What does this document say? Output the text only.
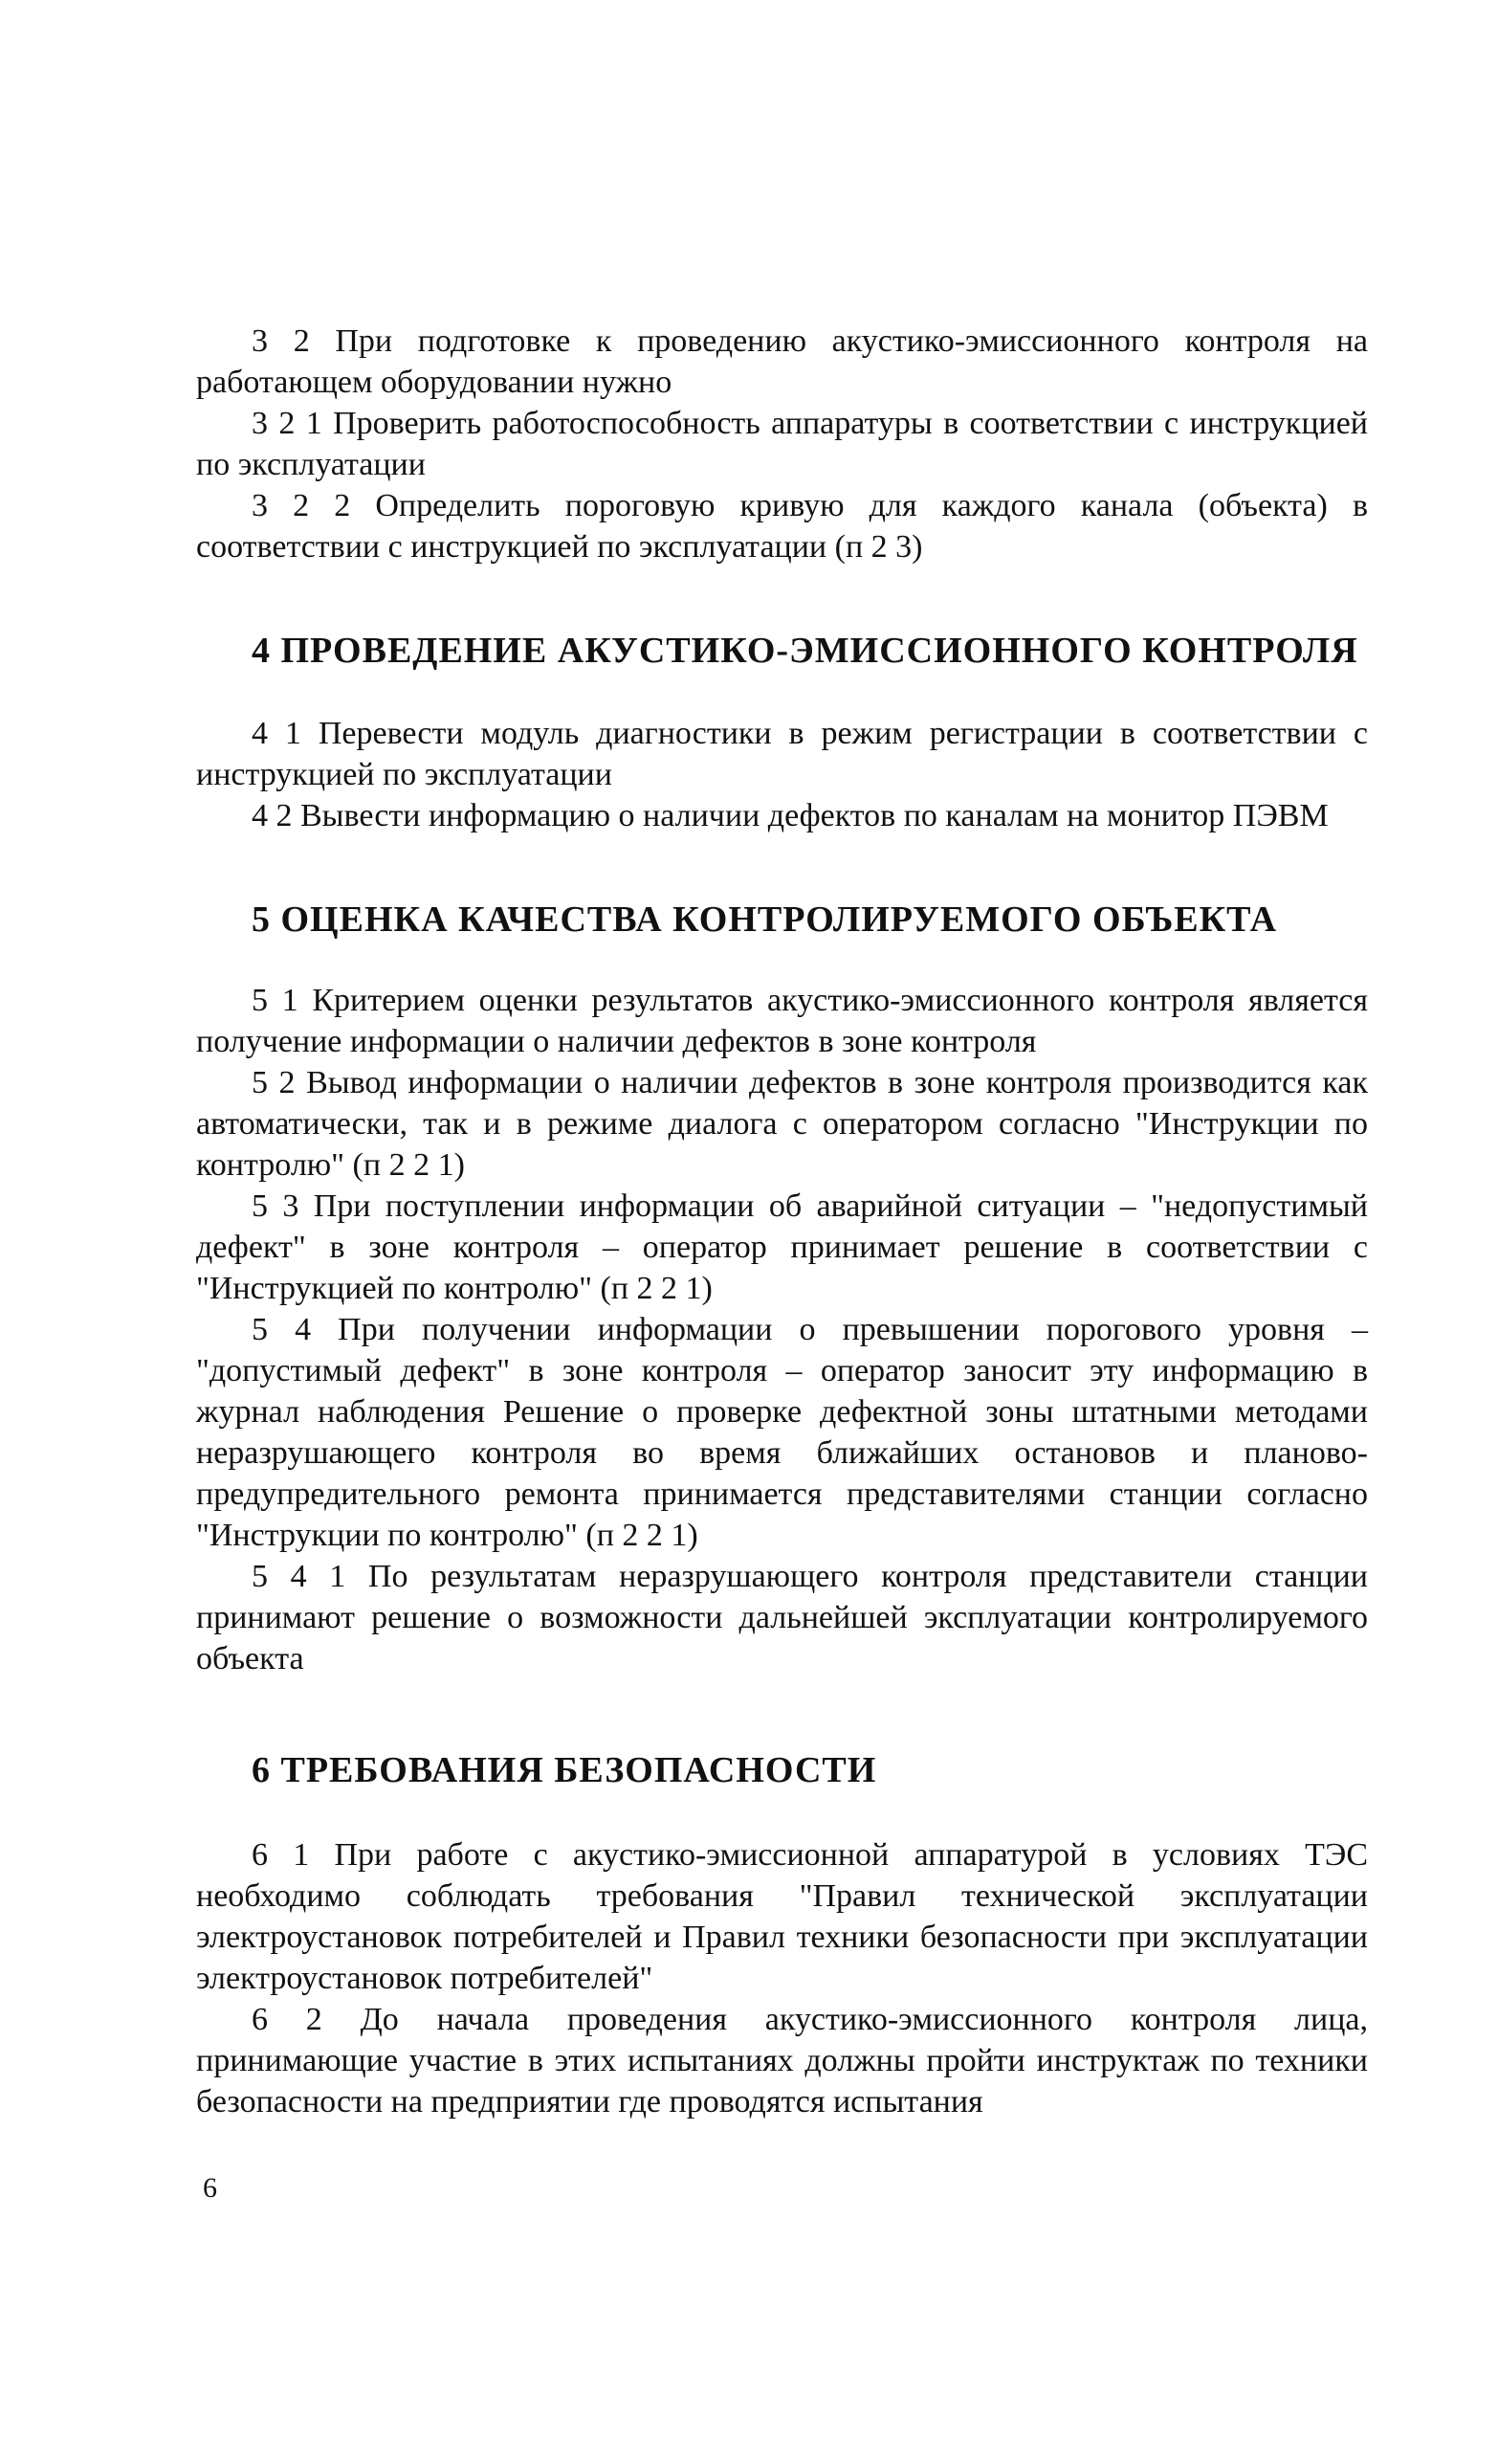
3 2 При подготовке к проведению акустико-эмиссионного контроля на работающем оборудовании нужно

3 2 1 Проверить работоспособность аппаратуры в соответствии с инструкцией по эксплуатации

3 2 2 Определить пороговую кривую для каждого канала (объекта) в соответствии с инструкцией по эксплуатации (п 2 3)

4 ПРОВЕДЕНИЕ АКУСТИКО-ЭМИССИОННОГО КОНТРОЛЯ

4 1 Перевести модуль диагностики в режим регистрации в соответствии с инструкцией по эксплуатации

4 2 Вывести информацию о наличии дефектов по каналам на монитор ПЭВМ

5 ОЦЕНКА КАЧЕСТВА КОНТРОЛИРУЕМОГО ОБЪЕКТА

5 1 Критерием оценки результатов акустико-эмиссионного контроля является получение информации о наличии дефектов в зоне контроля

5 2 Вывод информации о наличии дефектов в зоне контроля производится как автоматически, так и в режиме диалога с оператором согласно "Инструкции по контролю" (п 2 2 1)

5 3 При поступлении информации об аварийной ситуации – "недопустимый дефект" в зоне контроля – оператор принимает решение в соответствии с "Инструкцией по контролю" (п 2 2 1)

5 4 При получении информации о превышении порогового уровня – "допустимый дефект" в зоне контроля – оператор заносит эту информацию в журнал наблюдения Решение о проверке дефектной зоны штатными методами неразрушающего контроля во время ближайших остановов и планово-предупредительного ремонта принимается представителями станции согласно "Инструкции по контролю" (п 2 2 1)

5 4 1 По результатам неразрушающего контроля представители станции принимают решение о возможности дальнейшей эксплуатации контролируемого объекта

6 ТРЕБОВАНИЯ БЕЗОПАСНОСТИ

6 1 При работе с акустико-эмиссионной аппаратурой в условиях ТЭС необходимо соблюдать требования "Правил технической эксплуатации электроустановок потребителей и Правил техники безопасности при эксплуатации электроустановок потребителей"

6 2 До начала проведения акустико-эмиссионного контроля лица, принимающие участие в этих испытаниях должны пройти инструктаж по техники безопасности на предприятии где проводятся испытания

6
